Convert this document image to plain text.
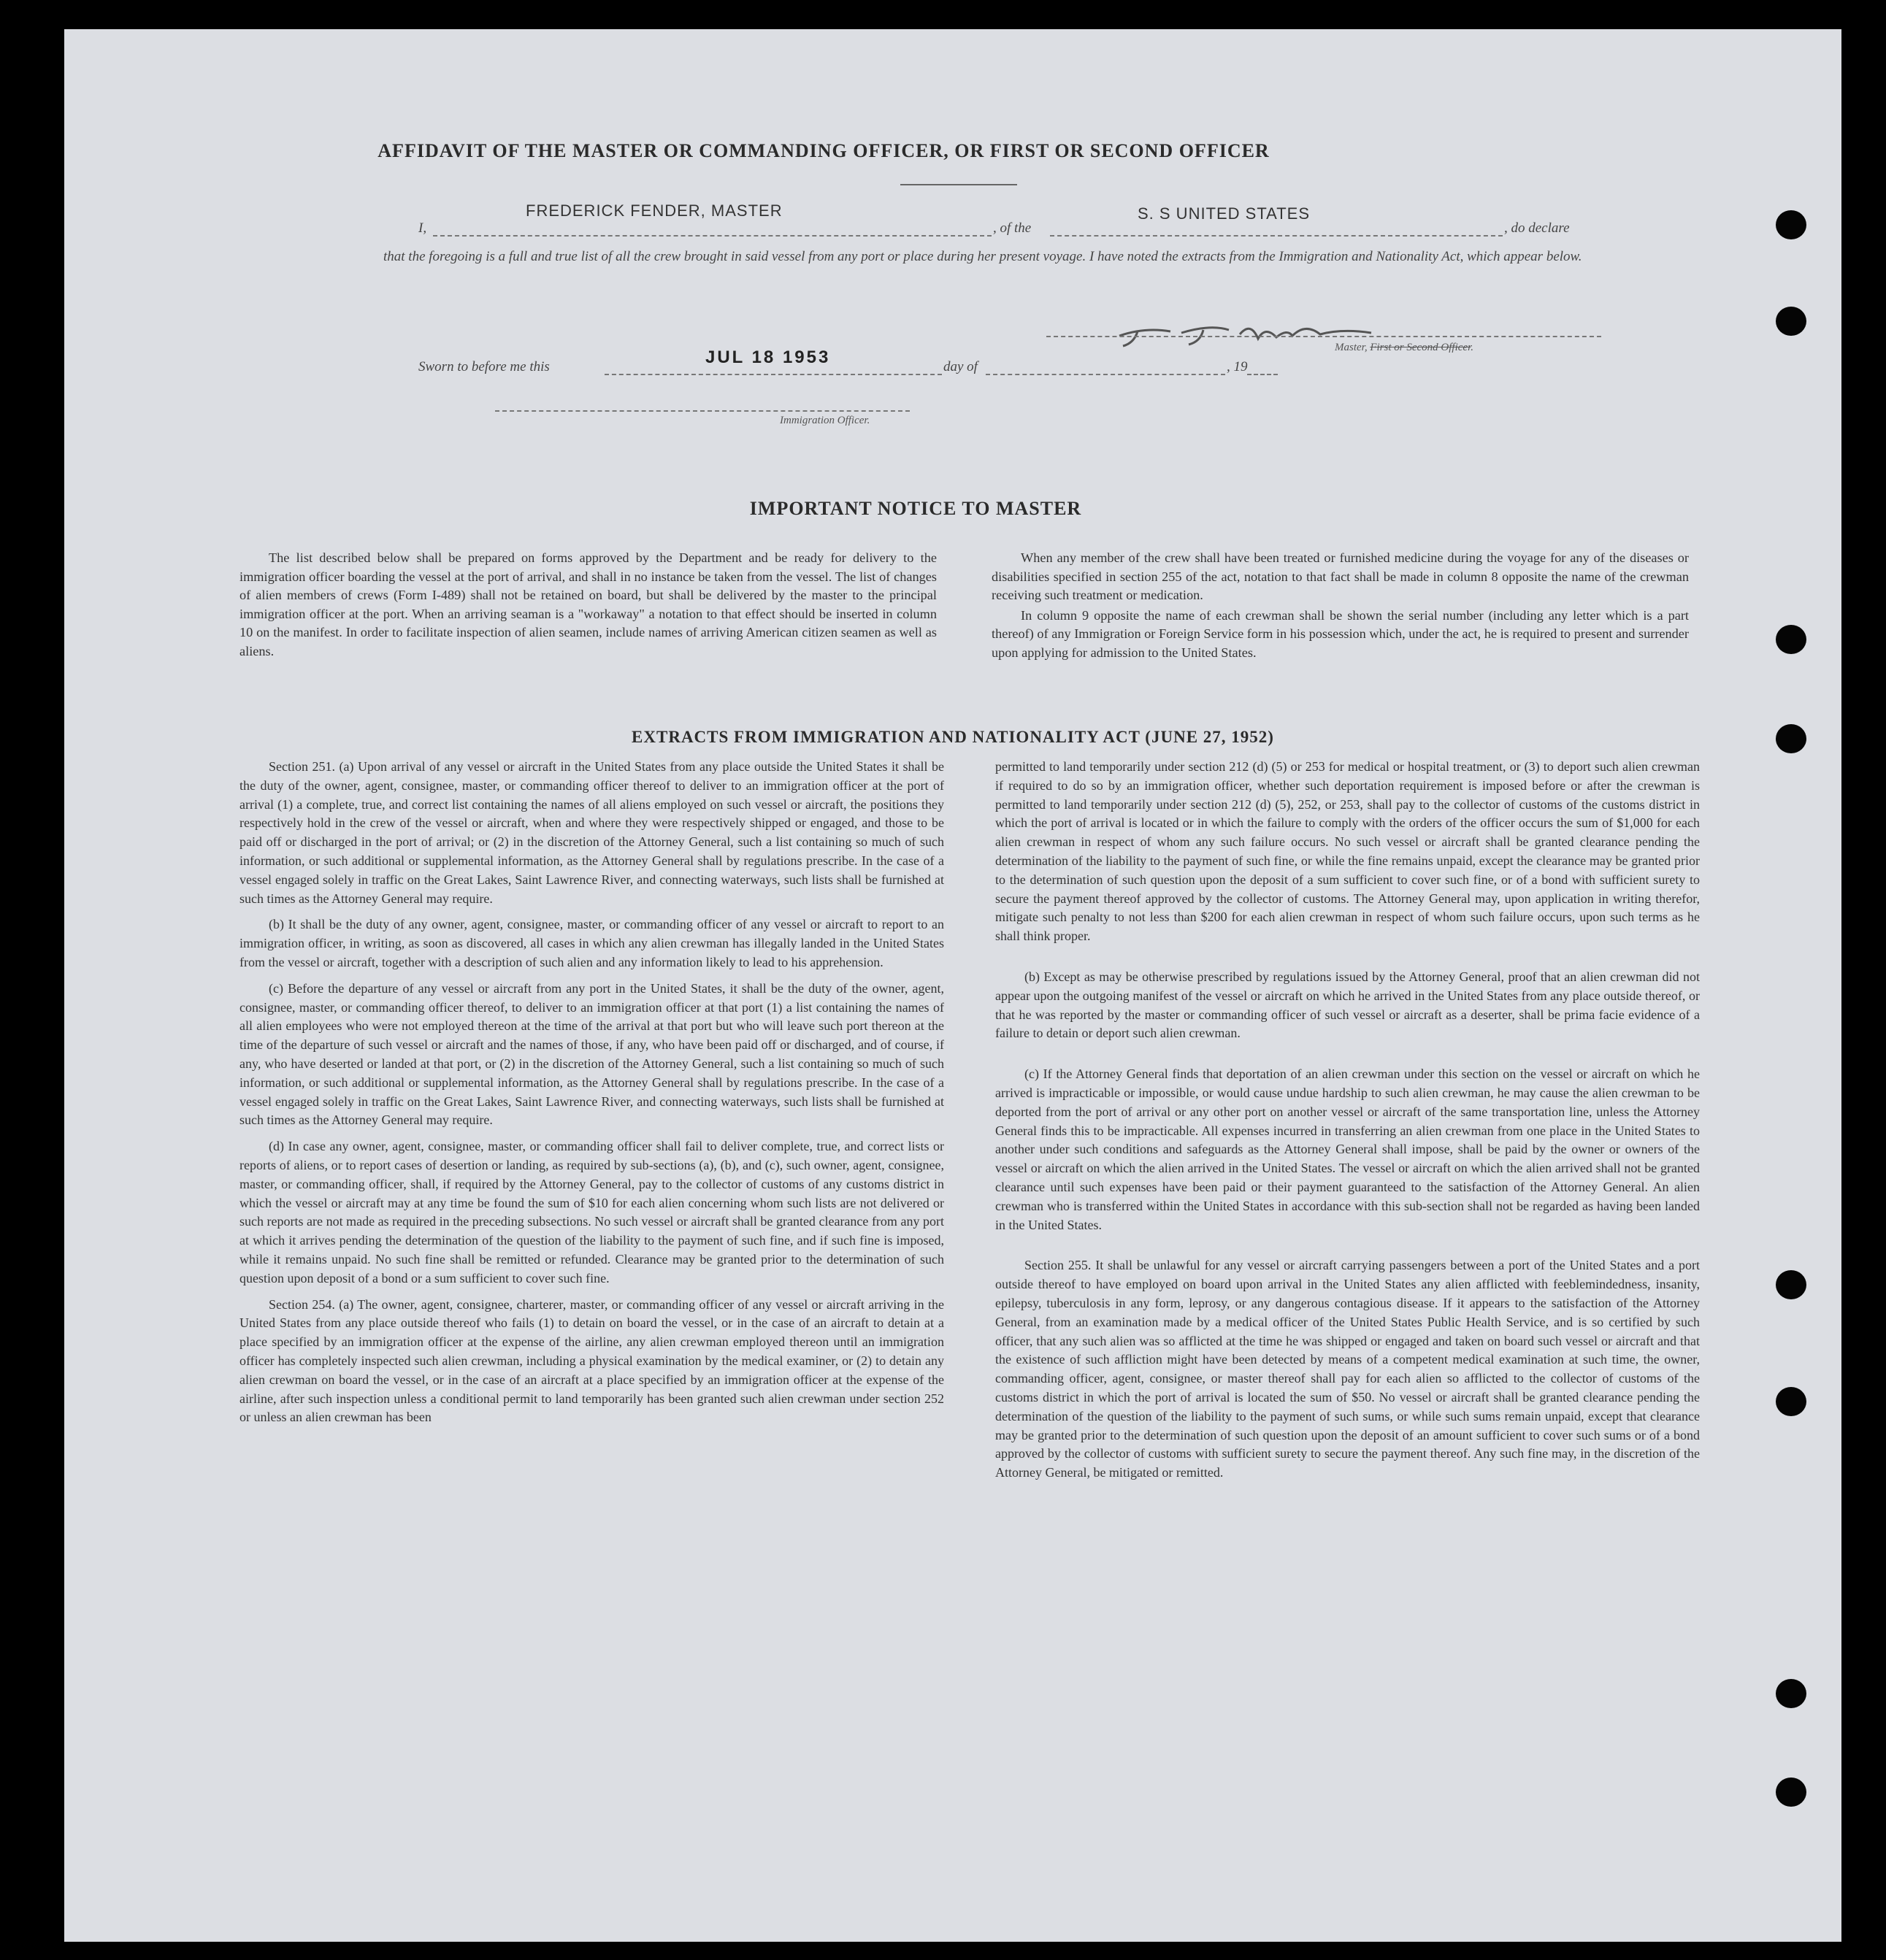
AFFIDAVIT OF THE MASTER OR COMMANDING OFFICER, OR FIRST OR SECOND OFFICER
I,
FREDERICK FENDER, MASTER
, of the
S. S UNITED STATES
, do declare
that the foregoing is a full and true list of all the crew brought in said vessel from any port or place during her present voyage. I have noted the extracts from the Immigration and Nationality Act, which appear below.
Master, First or Second Officer.
Sworn to before me this	JUL 18 1953	day of	, 19
Immigration Officer.
IMPORTANT NOTICE TO MASTER

The list described below shall be prepared on forms approved by the Department and be ready for delivery to the immigration officer boarding the vessel at the port of arrival, and shall in no instance be taken from the vessel. The list of changes of alien members of crews (Form I-489) shall not be retained on board, but shall be delivered by the master to the principal immigration officer at the port. When an arriving seaman is a "workaway" a notation to that effect should be inserted in column 10 on the manifest. In order to facilitate inspection of alien seamen, include names of arriving American citizen seamen as well as aliens.

When any member of the crew shall have been treated or furnished medicine during the voyage for any of the diseases or disabilities specified in section 255 of the act, notation to that fact shall be made in column 8 opposite the name of the crewman receiving such treatment or medication.

In column 9 opposite the name of each crewman shall be shown the serial number (including any letter which is a part thereof) of any Immigration or Foreign Service form in his possession which, under the act, he is required to present and surrender upon applying for admission to the United States.

EXTRACTS FROM IMMIGRATION AND NATIONALITY ACT (JUNE 27, 1952)

Section 251. (a) Upon arrival of any vessel or aircraft in the United States from any place outside the United States it shall be the duty of the owner, agent, consignee, master, or commanding officer thereof to deliver to an immigration officer at the port of arrival (1) a complete, true, and correct list containing the names of all aliens employed on such vessel or aircraft, the positions they respectively hold in the crew of the vessel or aircraft, when and where they were respectively shipped or engaged, and those to be paid off or discharged in the port of arrival; or (2) in the discretion of the Attorney General, such a list containing so much of such information, or such additional or supplemental information, as the Attorney General shall by regulations prescribe. In the case of a vessel engaged solely in traffic on the Great Lakes, Saint Lawrence River, and connecting waterways, such lists shall be furnished at such times as the Attorney General may require.

(b) It shall be the duty of any owner, agent, consignee, master, or commanding officer of any vessel or aircraft to report to an immigration officer, in writing, as soon as discovered, all cases in which any alien crewman has illegally landed in the United States from the vessel or aircraft, together with a description of such alien and any information likely to lead to his apprehension.

(c) Before the departure of any vessel or aircraft from any port in the United States, it shall be the duty of the owner, agent, consignee, master, or commanding officer thereof, to deliver to an immigration officer at that port (1) a list containing the names of all alien employees who were not employed thereon at the time of the arrival at that port but who will leave such port thereon at the time of the departure of such vessel or aircraft and the names of those, if any, who have been paid off or discharged, and of course, if any, who have deserted or landed at that port, or (2) in the discretion of the Attorney General, such a list containing so much of such information, or such additional or supplemental information, as the Attorney General shall by regulations prescribe. In the case of a vessel engaged solely in traffic on the Great Lakes, Saint Lawrence River, and connecting waterways, such lists shall be furnished at such times as the Attorney General may require.

(d) In case any owner, agent, consignee, master, or commanding officer shall fail to deliver complete, true, and correct lists or reports of aliens, or to report cases of desertion or landing, as required by sub-sections (a), (b), and (c), such owner, agent, consignee, master, or commanding officer, shall, if required by the Attorney General, pay to the collector of customs of any customs district in which the vessel or aircraft may at any time be found the sum of $10 for each alien concerning whom such lists are not delivered or such reports are not made as required in the preceding subsections. No such vessel or aircraft shall be granted clearance from any port at which it arrives pending the determination of the question of the liability to the payment of such fine, and if such fine is imposed, while it remains unpaid. No such fine shall be remitted or refunded. Clearance may be granted prior to the determination of such question upon deposit of a bond or a sum sufficient to cover such fine.

Section 254. (a) The owner, agent, consignee, charterer, master, or commanding officer of any vessel or aircraft arriving in the United States from any place outside thereof who fails (1) to detain on board the vessel, or in the case of an aircraft to detain at a place specified by an immigration officer at the expense of the airline, any alien crewman employed thereon until an immigration officer has completely inspected such alien crewman, including a physical examination by the medical examiner, or (2) to detain any alien crewman on board the vessel, or in the case of an aircraft at a place specified by an immigration officer at the expense of the airline, after such inspection unless a conditional permit to land temporarily has been granted such alien crewman under section 252 or unless an alien crewman has been

permitted to land temporarily under section 212 (d) (5) or 253 for medical or hospital treatment, or (3) to deport such alien crewman if required to do so by an immigration officer, whether such deportation requirement is imposed before or after the crewman is permitted to land temporarily under section 212 (d) (5), 252, or 253, shall pay to the collector of customs of the customs district in which the port of arrival is located or in which the failure to comply with the orders of the officer occurs the sum of $1,000 for each alien crewman in respect of whom any such failure occurs. No such vessel or aircraft shall be granted clearance pending the determination of the liability to the payment of such fine, or while the fine remains unpaid, except the clearance may be granted prior to the determination of such question upon the deposit of a sum sufficient to cover such fine, or of a bond with sufficient surety to secure the payment thereof approved by the collector of customs. The Attorney General may, upon application in writing therefor, mitigate such penalty to not less than $200 for each alien crewman in respect of whom such failure occurs, upon such terms as he shall think proper.

(b) Except as may be otherwise prescribed by regulations issued by the Attorney General, proof that an alien crewman did not appear upon the outgoing manifest of the vessel or aircraft on which he arrived in the United States from any place outside thereof, or that he was reported by the master or commanding officer of such vessel or aircraft as a deserter, shall be prima facie evidence of a failure to detain or deport such alien crewman.

(c) If the Attorney General finds that deportation of an alien crewman under this section on the vessel or aircraft on which he arrived is impracticable or impossible, or would cause undue hardship to such alien crewman, he may cause the alien crewman to be deported from the port of arrival or any other port on another vessel or aircraft of the same transportation line, unless the Attorney General finds this to be impracticable. All expenses incurred in transferring an alien crewman from one place in the United States to another under such conditions and safeguards as the Attorney General shall impose, shall be paid by the owner or owners of the vessel or aircraft on which the alien arrived in the United States. The vessel or aircraft on which the alien arrived shall not be granted clearance until such expenses have been paid or their payment guaranteed to the satisfaction of the Attorney General. An alien crewman who is transferred within the United States in accordance with this sub-section shall not be regarded as having been landed in the United States.

Section 255. It shall be unlawful for any vessel or aircraft carrying passengers between a port of the United States and a port outside thereof to have employed on board upon arrival in the United States any alien afflicted with feeblemindedness, insanity, epilepsy, tuberculosis in any form, leprosy, or any dangerous contagious disease. If it appears to the satisfaction of the Attorney General, from an examination made by a medical officer of the United States Public Health Service, and is so certified by such officer, that any such alien was so afflicted at the time he was shipped or engaged and taken on board such vessel or aircraft and that the existence of such affliction might have been detected by means of a competent medical examination at such time, the owner, commanding officer, agent, consignee, or master thereof shall pay for each alien so afflicted to the collector of customs of the customs district in which the port of arrival is located the sum of $50. No vessel or aircraft shall be granted clearance pending the determination of the question of the liability to the payment of such sums, or while such sums remain unpaid, except that clearance may be granted prior to the determination of such question upon the deposit of an amount sufficient to cover such sums or of a bond approved by the collector of customs with sufficient surety to secure the payment thereof. Any such fine may, in the discretion of the Attorney General, be mitigated or remitted.
